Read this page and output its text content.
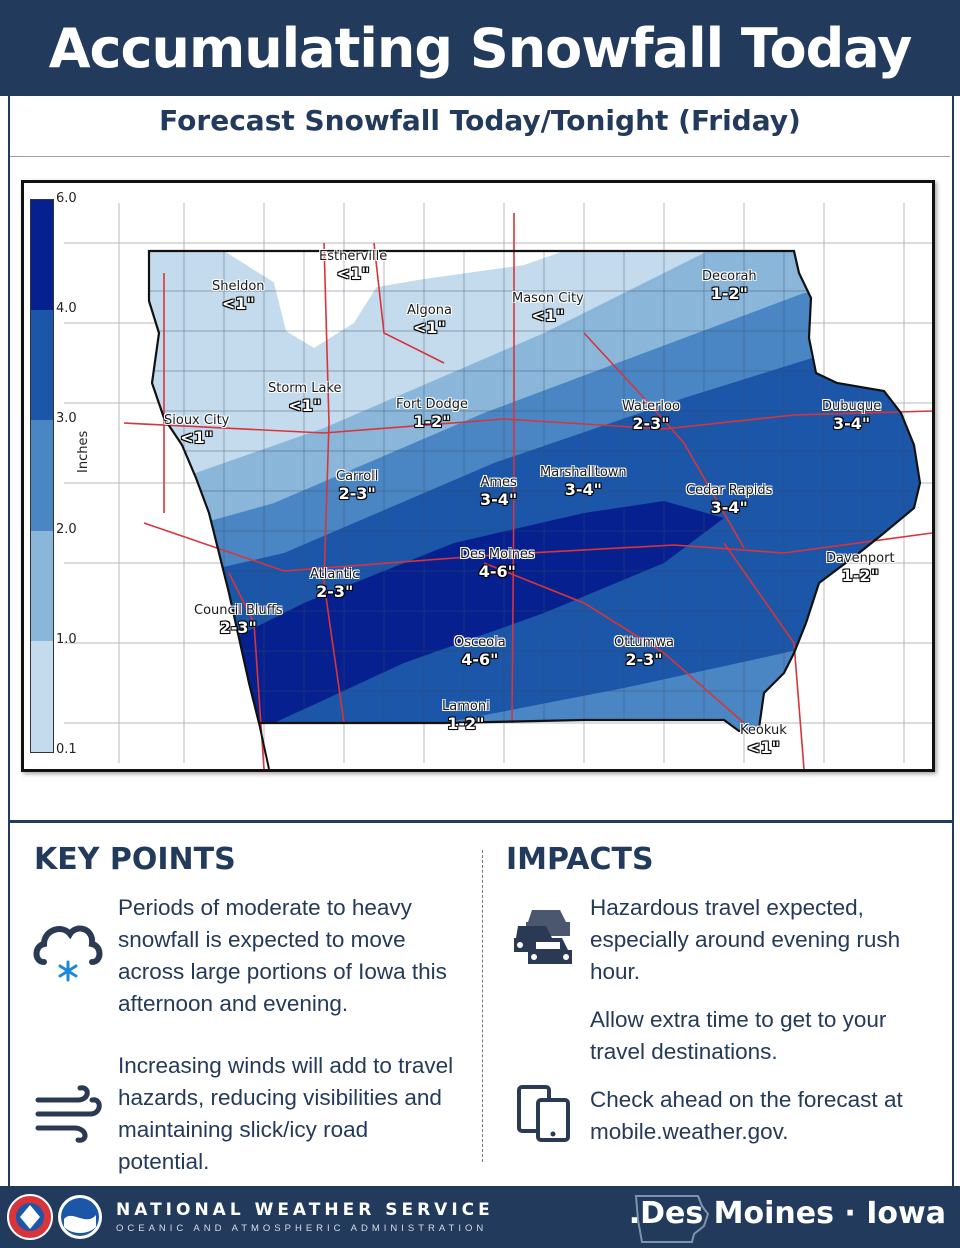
Accumulating Snowfall Today
Forecast Snowfall Today/Tonight (Friday)
6.0
4.0
3.0
2.0
1.0
0.1
Inches
Estherville
<1"
Sheldon
<1"	Algona
<1"
Mason City
<1"
Decorah
1-2"
Storm Lake
<1"	Fort Dodge
1-2"
Waterloo
2-3"
Dubuque
3-4"
Sioux City
<1"
Carroll
2-3"
Ames
3-4"
Marshalltown
3-4"	Cedar Rapids
3-4"
Des Moines
4-6"
Davenport
1-2"
Atlantic
2-3"
Council Bluffs
2-3"
Osceola
4-6"
Ottumwa
2-3"
Lamoni
1-2"	Keokuk
<1"
KEY POINTS	IMPACTS
Periods of moderate to heavy snowfall is expected to move across large portions of Iowa this afternoon and evening.
Increasing winds will add to travel hazards, reducing visibilities and maintaining slick/icy road potential.
Hazardous travel expected, especially around evening rush hour.
Allow extra time to get to your travel destinations.
Check ahead on the forecast at mobile.weather.gov.
NATIONAL WEATHER SERVICE
OCEANIC AND ATMOSPHERIC ADMINISTRATION	.Des Moines · Iowa
